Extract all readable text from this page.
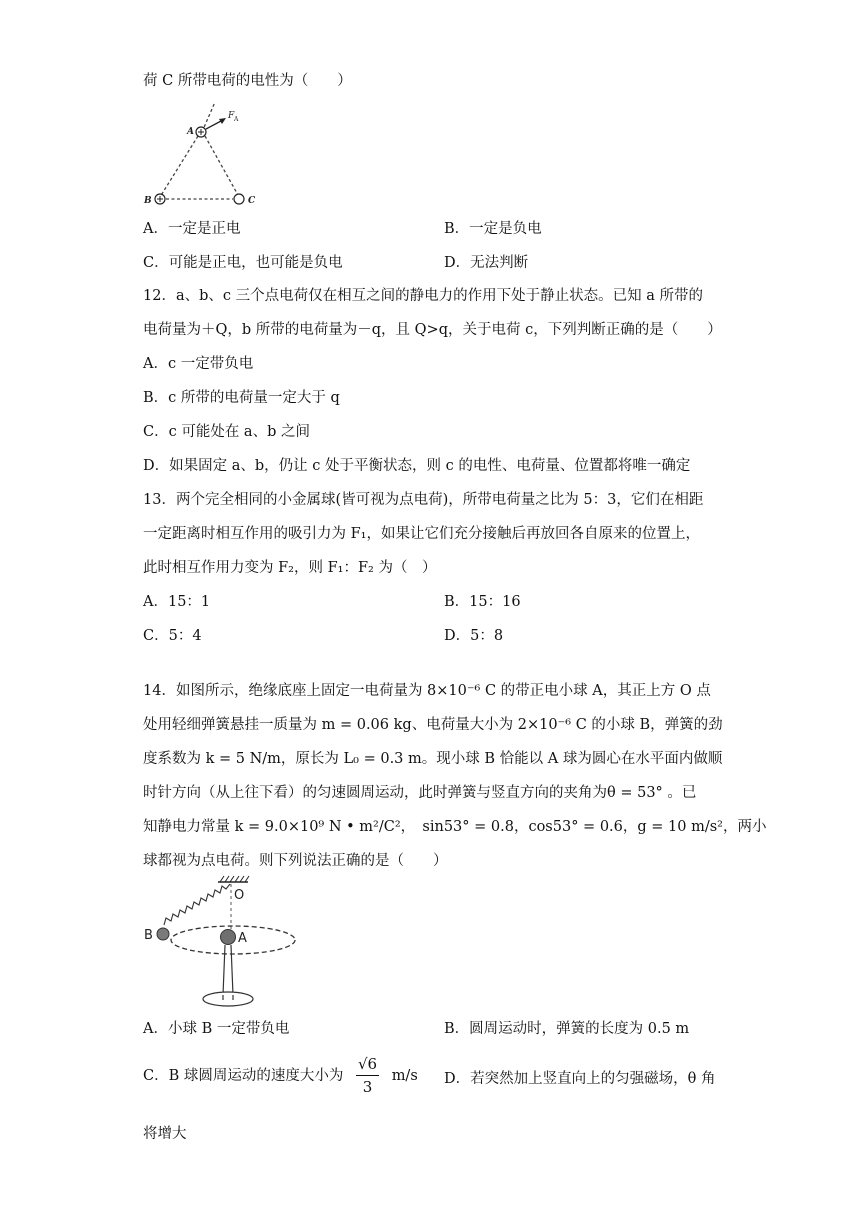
荷 C 所带电荷的电性为（　　）
F A
A
B	C
A．一定是正电	B．一定是负电
C．可能是正电，也可能是负电	D．无法判断
12．a、b、c 三个点电荷仅在相互之间的静电力的作用下处于静止状态。已知 a 所带的
电荷量为＋Q，b 所带的电荷量为－q，且 Q>q，关于电荷 c，下列判断正确的是（　　）
A．c 一定带负电
B．c 所带的电荷量一定大于 q
C．c 可能处在 a、b 之间
D．如果固定 a、b，仍让 c 处于平衡状态，则 c 的电性、电荷量、位置都将唯一确定
13．两个完全相同的小金属球(皆可视为点电荷)，所带电荷量之比为 5：3，它们在相距
一定距离时相互作用的吸引力为 F₁，如果让它们充分接触后再放回各自原来的位置上，
此时相互作用力变为 F₂，则 F₁：F₂ 为（　）
A．15：1	B．15：16
C．5：4	D．5：8
14．如图所示，绝缘底座上固定一电荷量为 8×10⁻⁶ C 的带正电小球 A，其正上方 O 点
处用轻细弹簧悬挂一质量为 m = 0.06 kg、电荷量大小为 2×10⁻⁶ C 的小球 B，弹簧的劲
度系数为 k = 5 N/m，原长为 L₀ = 0.3 m。现小球 B 恰能以 A 球为圆心在水平面内做顺
时针方向（从上往下看）的匀速圆周运动，此时弹簧与竖直方向的夹角为θ = 53° 。已
知静电力常量 k = 9.0×10⁹ N • m²/C²，　sin53° = 0.8，cos53° = 0.6，g = 10 m/s²，两小
球都视为点电荷。则下列说法正确的是（　　）
O
B	A
A．小球 B 一定带负电	B．圆周运动时，弹簧的长度为 0.5 m
C．B 球圆周运动的速度大小为 $\frac{√6}{3} m/s$ D．若突然加上竖直向上的匀强磁场，θ 角
将增大
